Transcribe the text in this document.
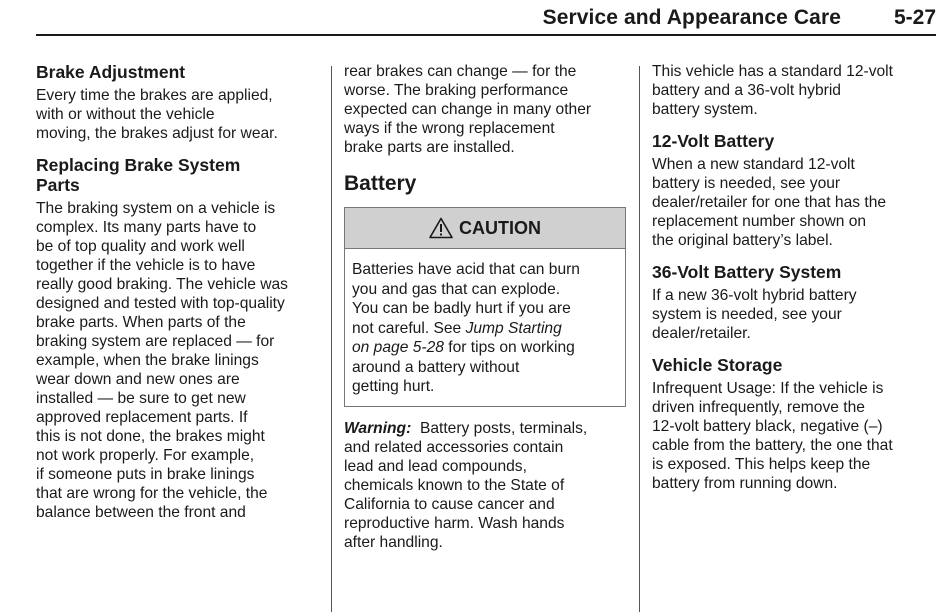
Service and Appearance Care	5-27
Brake Adjustment

Every time the brakes are applied,
with or without the vehicle
moving, the brakes adjust for wear.

Replacing Brake System
Parts

The braking system on a vehicle is
complex. Its many parts have to
be of top quality and work well
together if the vehicle is to have
really good braking. The vehicle was
designed and tested with top-quality
brake parts. When parts of the
braking system are replaced — for
example, when the brake linings
wear down and new ones are
installed — be sure to get new
approved replacement parts. If
this is not done, the brakes might
not work properly. For example,
if someone puts in brake linings
that are wrong for the vehicle, the
balance between the front and

rear brakes can change — for the
worse. The braking performance
expected can change in many other
ways if the wrong replacement
brake parts are installed.

Battery
CAUTION
Batteries have acid that can burn
you and gas that can explode.
You can be badly hurt if you are
not careful. See Jump Starting
on page 5-28 for tips on working
around a battery without
getting hurt.

Warning:  Battery posts, terminals,
and related accessories contain
lead and lead compounds,
chemicals known to the State of
California to cause cancer and
reproductive harm. Wash hands
after handling.

This vehicle has a standard 12-volt
battery and a 36-volt hybrid
battery system.

12-Volt Battery

When a new standard 12-volt
battery is needed, see your
dealer/retailer for one that has the
replacement number shown on
the original battery’s label.

36-Volt Battery System

If a new 36-volt hybrid battery
system is needed, see your
dealer/retailer.

Vehicle Storage

Infrequent Usage: If the vehicle is
driven infrequently, remove the
12-volt battery black, negative (–)
cable from the battery, the one that
is exposed. This helps keep the
battery from running down.
